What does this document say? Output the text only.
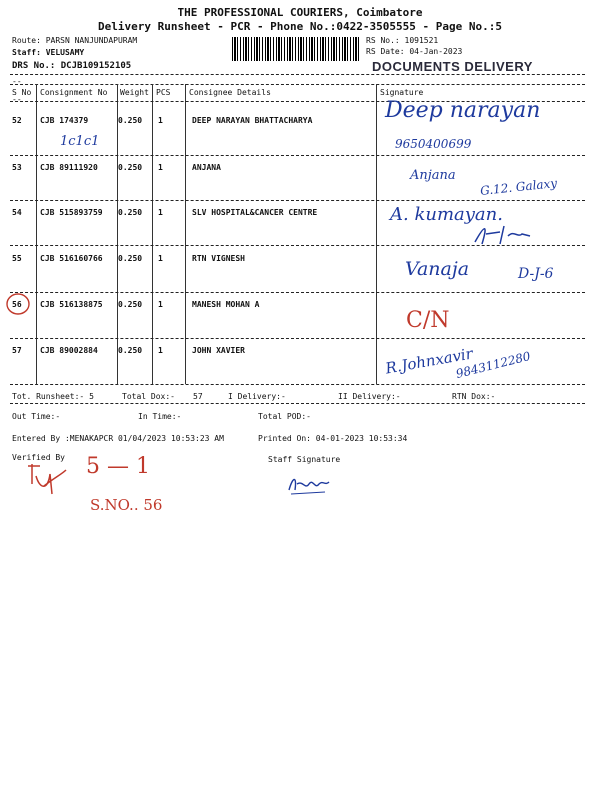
THE PROFESSIONAL COURIERS, Coimbatore
Delivery Runsheet - PCR - Phone No.:0422-3505555 - Page No.:5
Route: PARSN NANJUNDAPURAM
Staff: VELUSAMY
DRS No.: DCJB109152105
RS No.: 1091521
RS Date: 04-Jan-2023
DOCUMENTS DELIVERY
--
S No Consignment No Weight PCS Consignee Details	Signature
--
52 CJB 174379	0.250 1	DEEP NARAYAN BHATTACHARYA	Deep narayan
9650400699
1c1c1
53 CJB 89111920	0.250 1	ANJANA
Anjana
G.12. Galaxy
54 CJB 515893759 0.250 1	SLV HOSPITAL&CANCER CENTRE	A. kumayan.
55 CJB 516160766 0.250 1	RTN VIGNESH	Vanaja	D-J-6
56 CJB 516138875 0.250 1	MANESH MOHAN A
C/N
57 CJB 89002884	0.250 1	JOHN XAVIER	R.Johnxavir
9843112280
Tot. Runsheet:- 5	Total Dox:- 57	I Delivery:-	II Delivery:-	RTN Dox:-
Out Time:-	In Time:-	Total POD:-
Entered By :MENAKAPCR 01/04/2023 10:53:23 AM	Printed On: 04-01-2023 10:53:34
Verified By	Staff Signature
5 — 1
S.NO.. 56
